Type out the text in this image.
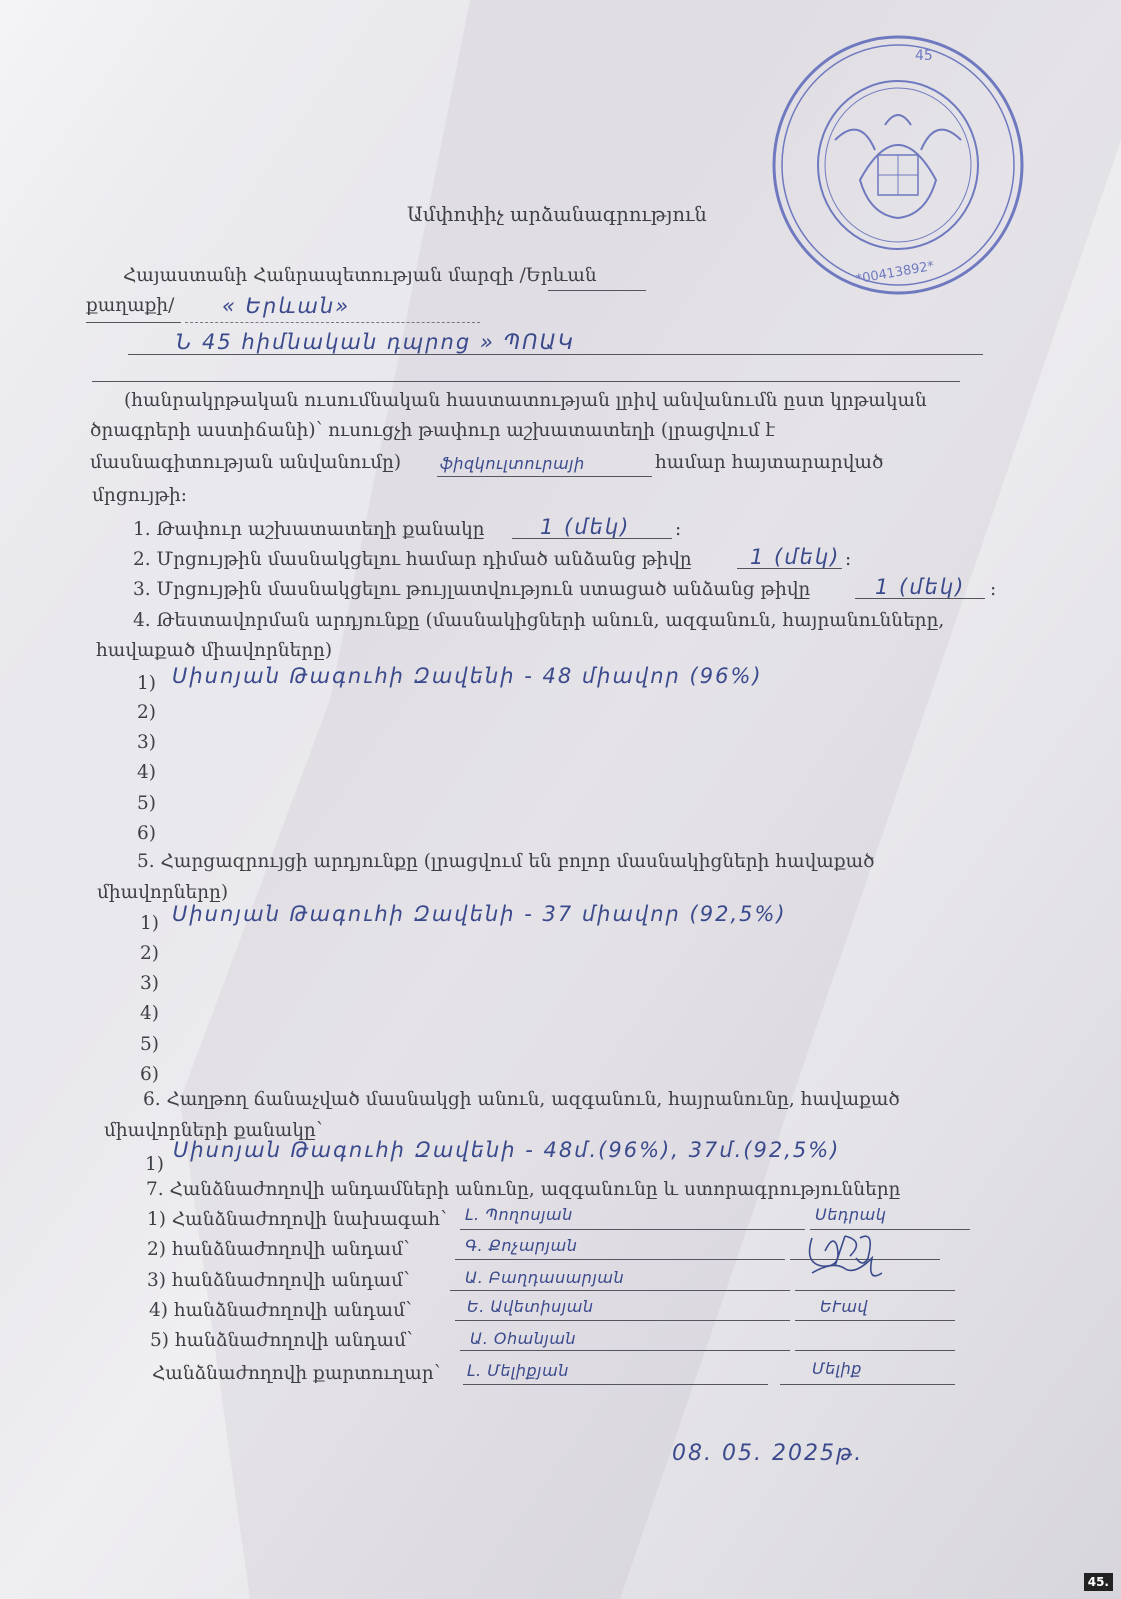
*00413892*
45
Ամփոփիչ արձանագրություն
Հայաստանի Հանրապետության մարզի /Երևան
քաղաքի/ « Երևան»
Ն 45 հիմնական դպրոց » ՊՈԱԿ
(հանրակրթական ուսումնական հաստատության լրիվ անվանումն ըստ կրթական
ծրագրերի աստիճանի)՝ ուսուցչի թափուր աշխատատեղի (լրացվում է
մասնագիտության անվանումը) ֆիզկուլտուրայի	համար հայտարարված
մրցույթի:
1. Թափուր աշխատատեղի քանակը	1 (մեկ) :
2. Մրցույթին մասնակցելու համար դիմած անձանց թիվը	1 (մեկ) :
3. Մրցույթին մասնակցելու թույլատվություն ստացած անձանց թիվը	1 (մեկ) :
4. Թեստավորման արդյունքը (մասնակիցների անուն, ազգանուն, հայրանունները,
հավաքած միավորները)
1) Սիսոյան Թագուհի Զավենի - 48 միավոր (96%)
2)
3)
4)
5)
6)
5. Հարցազրույցի արդյունքը (լրացվում են բոլոր մասնակիցների հավաքած
միավորները)
1) Սիսոյան Թագուհի Զավենի - 37 միավոր (92,5%)
2)
3)
4)
5)
6)
6. Հաղթող ճանաչված մասնակցի անուն, ազգանուն, հայրանունը, հավաքած
միավորների քանակը՝
1)
Սիսոյան Թագուհի Զավենի - 48մ.(96%), 37մ.(92,5%)
7. Հանձնաժողովի անդամների անունը, ազգանունը և ստորագրությունները
1) Հանձնաժողովի նախագահ՝ Լ. Պողոսյան	Սեդրակ
2) հանձնաժողովի անդամ՝	Գ. Քոչարյան
3) հանձնաժողովի անդամ՝	Ա. Բաղդասարյան
4) հանձնաժողովի անդամ՝	Ե. Ավետիսյան	ԵՒավ
5) հանձնաժողովի անդամ՝	Ա. Օհանյան
Հանձնաժողովի քարտուղար՝ Լ. Մելիքյան	Մելիք
08. 05. 2025թ.
45.
